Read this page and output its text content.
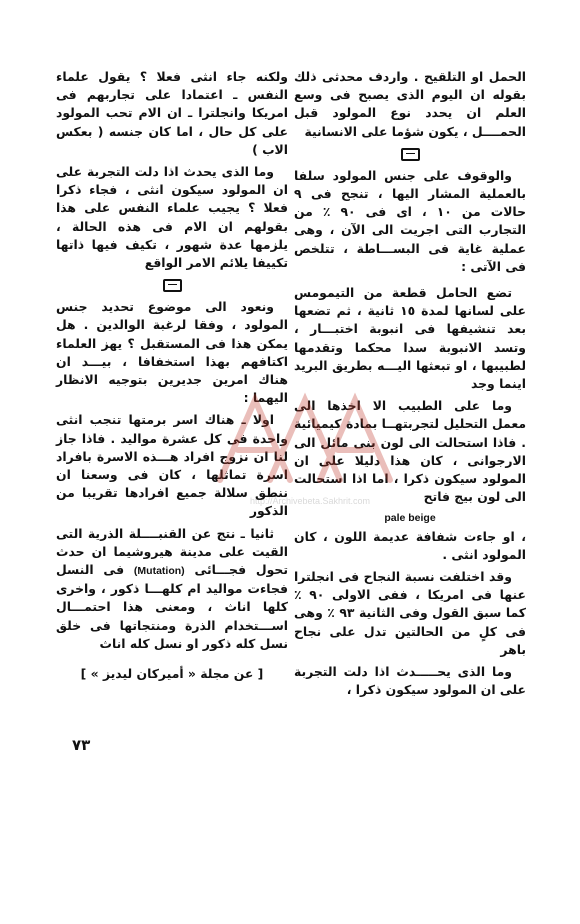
الحمل او التلقيح . واردف محدثى ذلك بقوله ان اليوم الذى يصبح فى وسع العلم ان يحدد نوع المولود قبل الحمــــل ، يكون شؤما على الانسانية

والوقوف على جنس المولود سلفا بالعملية المشار اليها ، تنجح فى ٩ حالات من ١٠ ، اى فى ٩٠ ٪ من التجارب التى اجريت الى الآن ، وهى عملية غاية فى البســـاطة ، تتلخص فى الآتى :

تضع الحامل قطعة من التيمومس على لسانها لمدة ١٥ ثانية ، ثم تضعها بعد تنشيفها فى انبوبة اختبـــار ، وتسد الانبوبة سدا محكما وتقدمها لطبيبها ، او تبعثها اليـــه بطريق البريد اينما وجد

وما على الطبيب الا اخذها الى معمل التحليل لتجربتهــا بمادة كيميائية . فاذا استحالت الى لون بنى مائل الى الارجوانى ، كان هذا دليلا على ان المولود سيكون ذكرا ، اما اذا استحالت الى لون بيج فاتح

pale beige

، او جاءت شفافة عديمة اللون ، كان المولود انثى .

وقد اختلفت نسبة النجاح فى انجلترا عنها فى امريكا ، ففى الاولى ٩٠ ٪ كما سبق القول وفى الثانية ٩٣ ٪ وهى فى كلٍ من الحالتين تدل على نجاح باهر

وما الذى يحـــــدث اذا دلت التجربة على ان المولود سيكون ذكرا ،

ولكنه جاء انثى فعلا ؟ يقول علماء النفس ـ اعتمادا على تجاربهم فى امريكا وانجلترا ـ ان الام تحب المولود على كل حال ، اما كان جنسه ( بعكس الاب )

وما الذى يحدث اذا دلت التجربة على ان المولود سيكون انثى ، فجاء ذكرا فعلا ؟ يجيب علماء النفس على هذا بقولهم ان الام فى هذه الحالة ، يلزمها عدة شهور ، تكيف فيها ذاتها تكييفا يلائم الامر الواقع

ونعود الى موضوع تحديد جنس المولود ، وفقا لرغبة الوالدين . هل يمكن هذا فى المستقبل ؟ يهز العلماء اكتافهم بهذا استخفافا ، بيـــد ان هناك امرين جديرين بتوجيه الانظار اليهما :

اولا ـ هناك اسر برمتها تنجب انثى واحدة فى كل عشرة مواليد . فاذا جاز لنا ان نزوج افراد هـــذه الاسرة بافراد اسرة تماثلها ، كان فى وسعنا ان ننطق سلالة جميع افرادها تقريبا من الذكور

ثانيا ـ نتج عن القنبــــلة الذرية التى القيت على مدينة هيروشيما ان حدث تحول فجـــائى (Mutation) فى النسل فجاءت مواليد ام كلهـــا ذكور ، واخرى كلها اناث ، ومعنى هذا احتمـــال اســـتخدام الذرة ومنتجاتها فى خلق نسل كله ذكور او نسل كله اناث

[ عن مجلة « أميركان ليديز » ]

٧٣
http://Archivebeta.Sakhrit.com
